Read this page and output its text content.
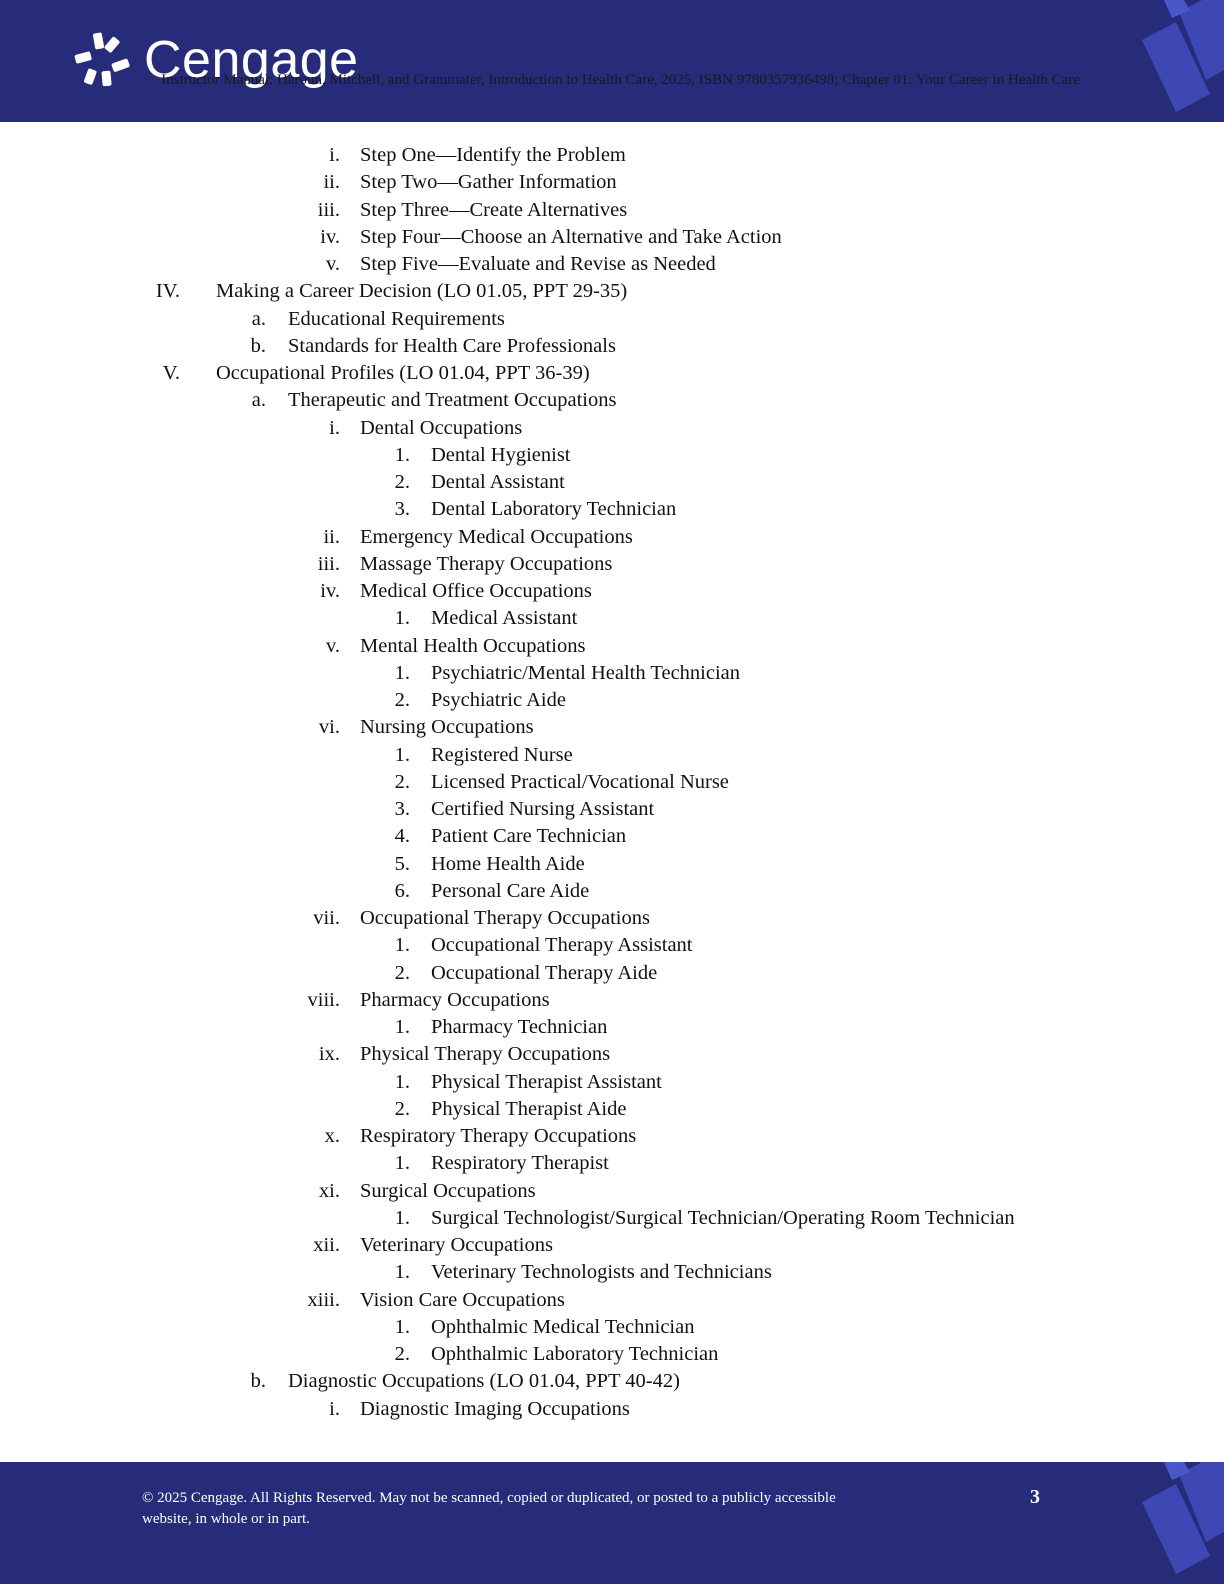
Cengage
Instructor Manual: Haroun, Mitchell, and Grammater, Introduction to Health Care, 2025, ISBN 9780357936498; Chapter 01: Your Career in Health Care
i. Step One—Identify the Problem
ii. Step Two—Gather Information
iii. Step Three—Create Alternatives
iv. Step Four—Choose an Alternative and Take Action
v. Step Five—Evaluate and Revise as Needed
IV. Making a Career Decision (LO 01.05, PPT 29-35)
a. Educational Requirements
b. Standards for Health Care Professionals
V. Occupational Profiles (LO 01.04, PPT 36-39)
a. Therapeutic and Treatment Occupations
i. Dental Occupations
1. Dental Hygienist
2. Dental Assistant
3. Dental Laboratory Technician
ii. Emergency Medical Occupations
iii. Massage Therapy Occupations
iv. Medical Office Occupations
1. Medical Assistant
v. Mental Health Occupations
1. Psychiatric/Mental Health Technician
2. Psychiatric Aide
vi. Nursing Occupations
1. Registered Nurse
2. Licensed Practical/Vocational Nurse
3. Certified Nursing Assistant
4. Patient Care Technician
5. Home Health Aide
6. Personal Care Aide
vii. Occupational Therapy Occupations
1. Occupational Therapy Assistant
2. Occupational Therapy Aide
viii. Pharmacy Occupations
1. Pharmacy Technician
ix. Physical Therapy Occupations
1. Physical Therapist Assistant
2. Physical Therapist Aide
x. Respiratory Therapy Occupations
1. Respiratory Therapist
xi. Surgical Occupations
1. Surgical Technologist/Surgical Technician/Operating Room Technician
xii. Veterinary Occupations
1. Veterinary Technologists and Technicians
xiii. Vision Care Occupations
1. Ophthalmic Medical Technician
2. Ophthalmic Laboratory Technician
b. Diagnostic Occupations (LO 01.04, PPT 40-42)
i. Diagnostic Imaging Occupations
© 2025 Cengage. All Rights Reserved. May not be scanned, copied or duplicated, or posted to a publicly accessible website, in whole or in part.
3
